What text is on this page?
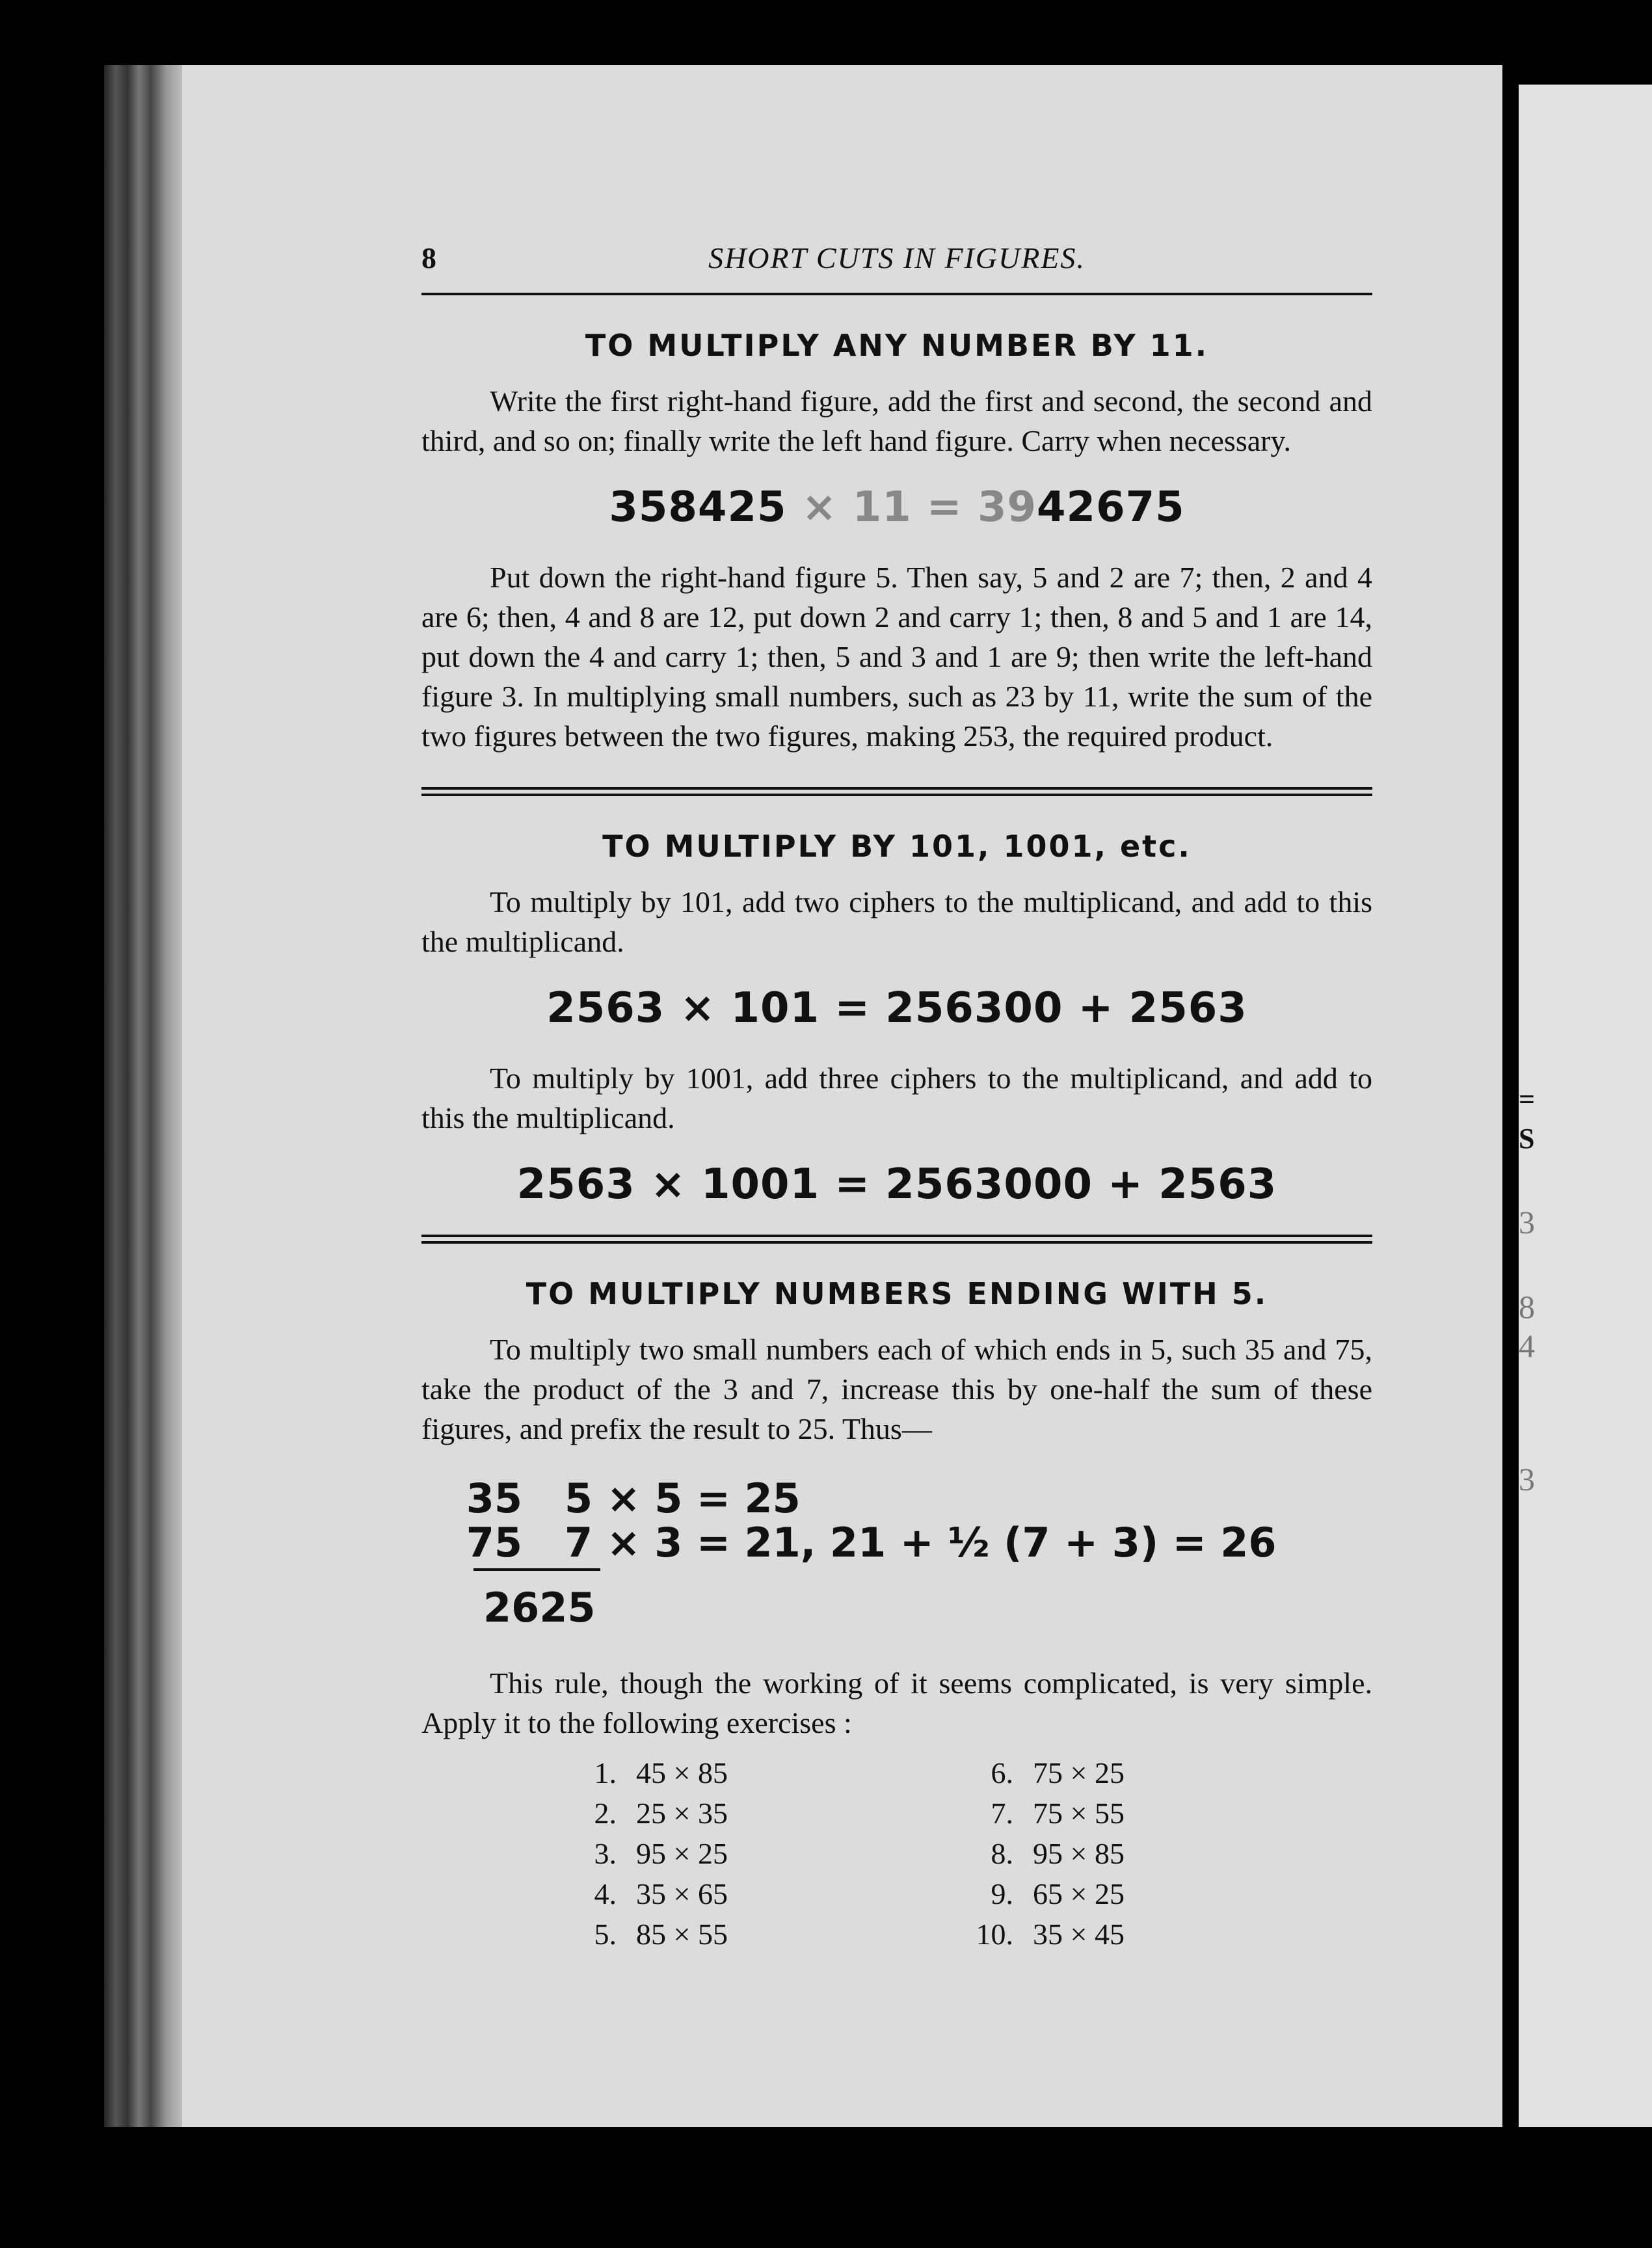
=
S
3
8
4
3
8	SHORT CUTS IN FIGURES.
TO MULTIPLY ANY NUMBER BY 11.

Write the first right-hand figure, add the first and second, the second and third, and so on; finally write the left hand figure. Carry when necessary.

358425 × 11 = 3942675

Put down the right-hand figure 5. Then say, 5 and 2 are 7; then, 2 and 4 are 6; then, 4 and 8 are 12, put down 2 and carry 1; then, 8 and 5 and 1 are 14, put down the 4 and carry 1; then, 5 and 3 and 1 are 9; then write the left-hand figure 3. In multiplying small numbers, such as 23 by 11, write the sum of the two figures between the two figures, making 253, the required product.

TO MULTIPLY BY 101, 1001, etc.

To multiply by 101, add two ciphers to the multiplicand, and add to this the multiplicand.

2563 × 101 = 256300 + 2563

To multiply by 1001, add three ciphers to the multiplicand, and add to this the multiplicand.

2563 × 1001 = 2563000 + 2563
TO MULTIPLY NUMBERS ENDING WITH 5.

To multiply two small numbers each of which ends in 5, such 35 and 75, take the product of the 3 and 7, increase this by one-half the sum of these figures, and prefix the result to 25. Thus—

35 5 × 5 = 25
75 7 × 3 = 21, 21 + ½ (7 + 3) = 26
2625

This rule, though the working of it seems complicated, is very simple. Apply it to the following exercises :

1. 45 × 85
2. 25 × 35
3. 95 × 25
4. 35 × 65
5. 85 × 55
6. 75 × 25
7. 75 × 55
8. 95 × 85
9. 65 × 25
10. 35 × 45
